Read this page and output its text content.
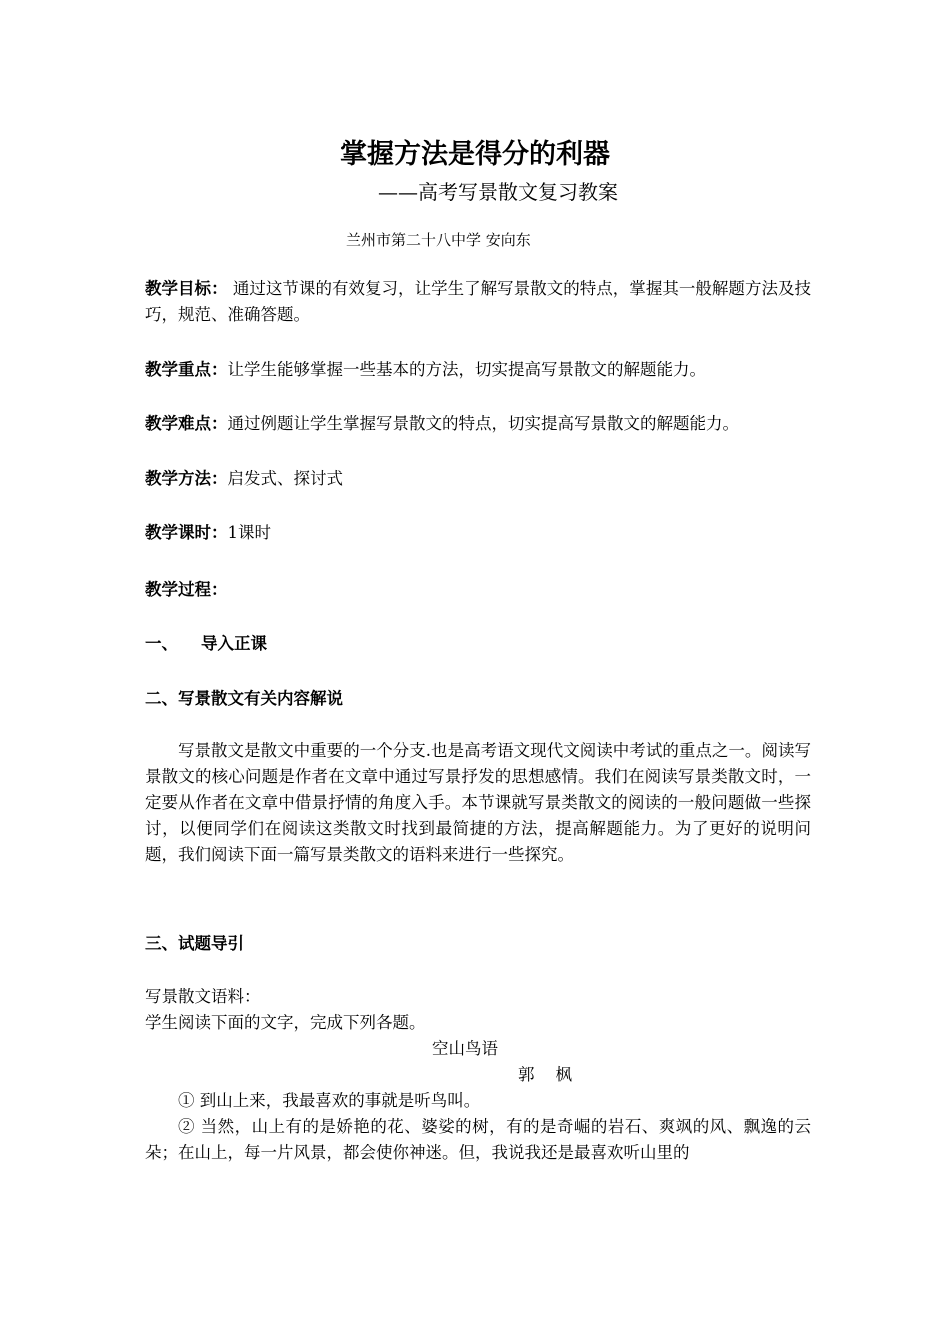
掌握方法是得分的利器
——高考写景散文复习教案
兰州市第二十八中学 安向东
教学目标： 通过这节课的有效复习，让学生了解写景散文的特点，掌握其一般解题方法及技巧，规范、准确答题。
教学重点：让学生能够掌握一些基本的方法，切实提高写景散文的解题能力。
教学难点：通过例题让学生掌握写景散文的特点，切实提高写景散文的解题能力。
教学方法：启发式、探讨式
教学课时：1课时
教学过程：
一、    导入正课
二、写景散文有关内容解说
写景散文是散文中重要的一个分支.也是高考语文现代文阅读中考试的重点之一。阅读写景散文的核心问题是作者在文章中通过写景抒发的思想感情。我们在阅读写景类散文时，一定要从作者在文章中借景抒情的角度入手。本节课就写景类散文的阅读的一般问题做一些探讨，以便同学们在阅读这类散文时找到最简捷的方法，提高解题能力。为了更好的说明问题，我们阅读下面一篇写景类散文的语料来进行一些探究。
三、试题导引
写景散文语料：
学生阅读下面的文字，完成下列各题。
空山鸟语
郭    枫
① 到山上来，我最喜欢的事就是听鸟叫。
② 当然，山上有的是娇艳的花、婆娑的树，有的是奇崛的岩石、爽飒的风、飘逸的云朵；在山上，每一片风景，都会使你神迷。但，我说我还是最喜欢听山里的
